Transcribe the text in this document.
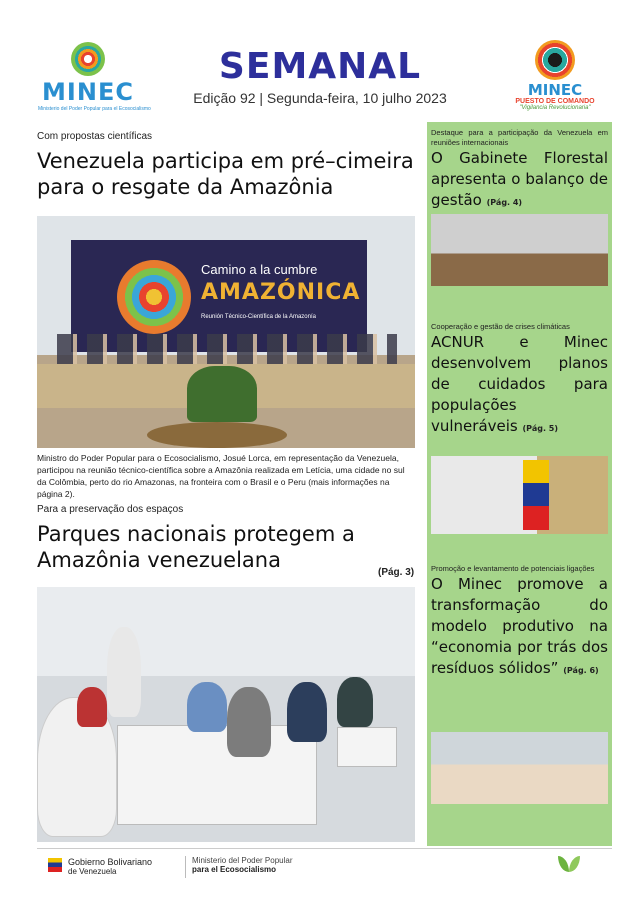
MINEC
Ministerio del Poder Popular para el Ecosocialismo
SEMANAL
Edição 92 | Segunda-feira, 10 julho 2023	MINEC
PUESTO DE COMANDO
"Vigilancia Revolucionaria"
Com propostas científicas
Venezuela participa em pré–cimeira para o resgate da Amazônia
Camino a la cumbre
AMAZÓNICA
Reunión Técnico-Científica de la Amazonía
Ministro do Poder Popular para o Ecosocialismo, Josué Lorca, em representação da Venezuela, participou na reunião técnico-científica sobre a Amazônia realizada em Letícia, uma cidade no sul da Colômbia, perto do rio Amazonas, na fronteira com o Brasil e o Peru (mais informações na página 2).
Para a preservação dos espaços
Parques nacionais protegem a Amazônia venezuelana
(Pág. 3)
Destaque para a participação da Venezuela em reuniões internacionais
O Gabinete Florestal apresenta o balanço de gestão (Pág. 4)
Cooperação e gestão de crises climáticas
ACNUR e Minec desenvolvem planos de cuidados para populações vulneráveis (Pág. 5)
Promoção e levantamento de potenciais ligações
O Minec promove a transformação do modelo produtivo na “economia por trás dos resíduos sólidos” (Pág. 6)
Gobierno Bolivariano
de Venezuela
Ministerio del Poder Popular
para el Ecosocialismo
